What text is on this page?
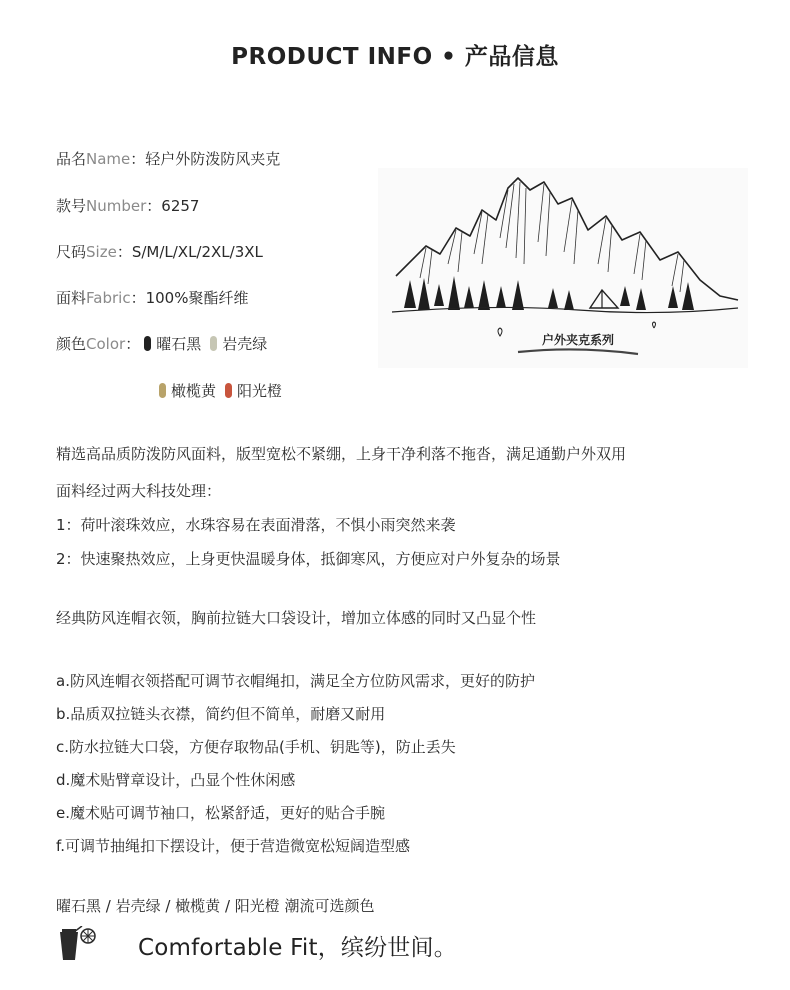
PRODUCT INFO • 产品信息
品名Name：轻户外防泼防风夹克
款号Number：6257
尺码Size：S/M/L/XL/2XL/3XL
面料Fabric：100%聚酯纤维
颜色Color： 曜石黑 岩壳绿
橄榄黄 阳光橙
户外夹克系列
精选高品质防泼防风面料，版型宽松不紧绷，上身干净利落不拖沓，满足通勤户外双用
面料经过两大科技处理：
1：荷叶滚珠效应，水珠容易在表面滑落，不惧小雨突然来袭
2：快速聚热效应，上身更快温暖身体，抵御寒风，方便应对户外复杂的场景
经典防风连帽衣领，胸前拉链大口袋设计，增加立体感的同时又凸显个性
a.防风连帽衣领搭配可调节衣帽绳扣，满足全方位防风需求，更好的防护
b.品质双拉链头衣襟，简约但不简单，耐磨又耐用
c.防水拉链大口袋，方便存取物品(手机、钥匙等)，防止丢失
d.魔术贴臂章设计，凸显个性休闲感
e.魔术贴可调节袖口，松紧舒适，更好的贴合手腕
f.可调节抽绳扣下摆设计，便于营造微宽松短阔造型感
曜石黑 / 岩壳绿 / 橄榄黄 / 阳光橙 潮流可选颜色
Comfortable Fit，缤纷世间。
